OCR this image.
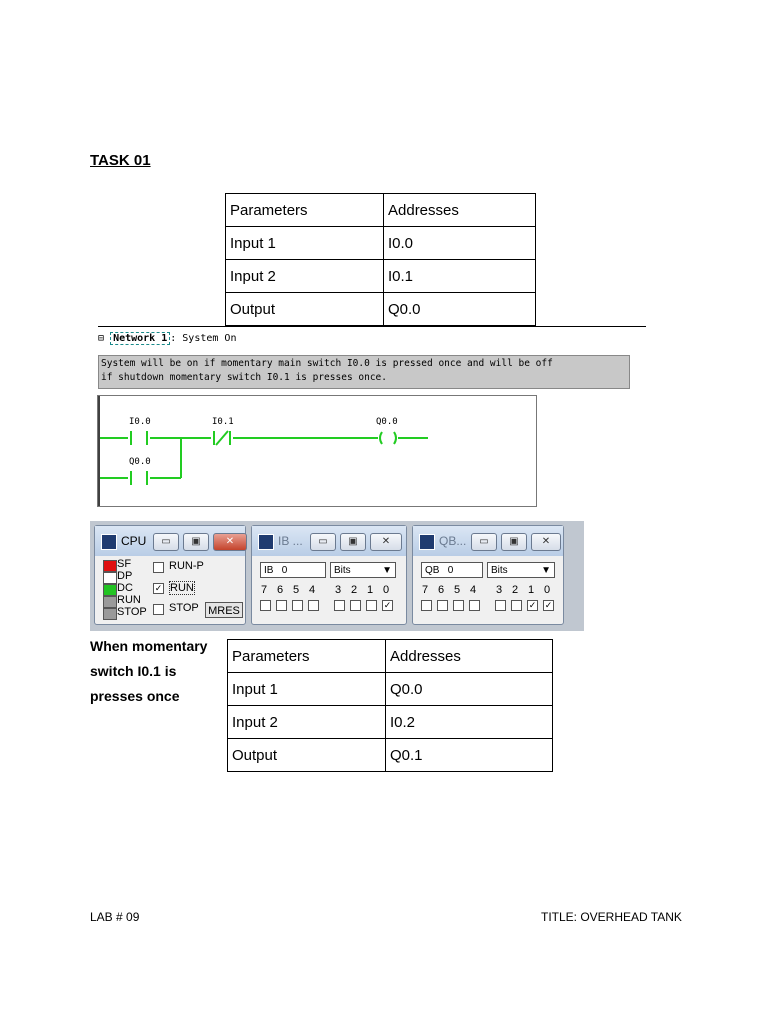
TASK 01
Parameters	Addresses
Input 1	I0.0
Input 2	I0.1
Output	Q0.0
⊟ Network 1 : System On
System will be on if momentary main switch I0.0 is pressed once and will be off
if shutdown momentary switch I0.1 is presses once.
I0.0	I0.1	Q0.0
Q0.0
CPU	▭	▣	✕
SF
DP
DC
RUN
STOP
RUN-P
✓ RUN
STOP MRES
IB ...	▭	▣	✕
IB 0	Bits	▼
7 6 5 4 3 2 1 0
✓
QB...	▭	▣	✕
QB 0	Bits	▼
7 6 5 4 3 2 1
✓
0
✓
When momentary
switch I0.1 is
presses once
Parameters	Addresses
Input 1	Q0.0
Input 2	I0.2
Output	Q0.1
LAB # 09	TITLE: OVERHEAD TANK
